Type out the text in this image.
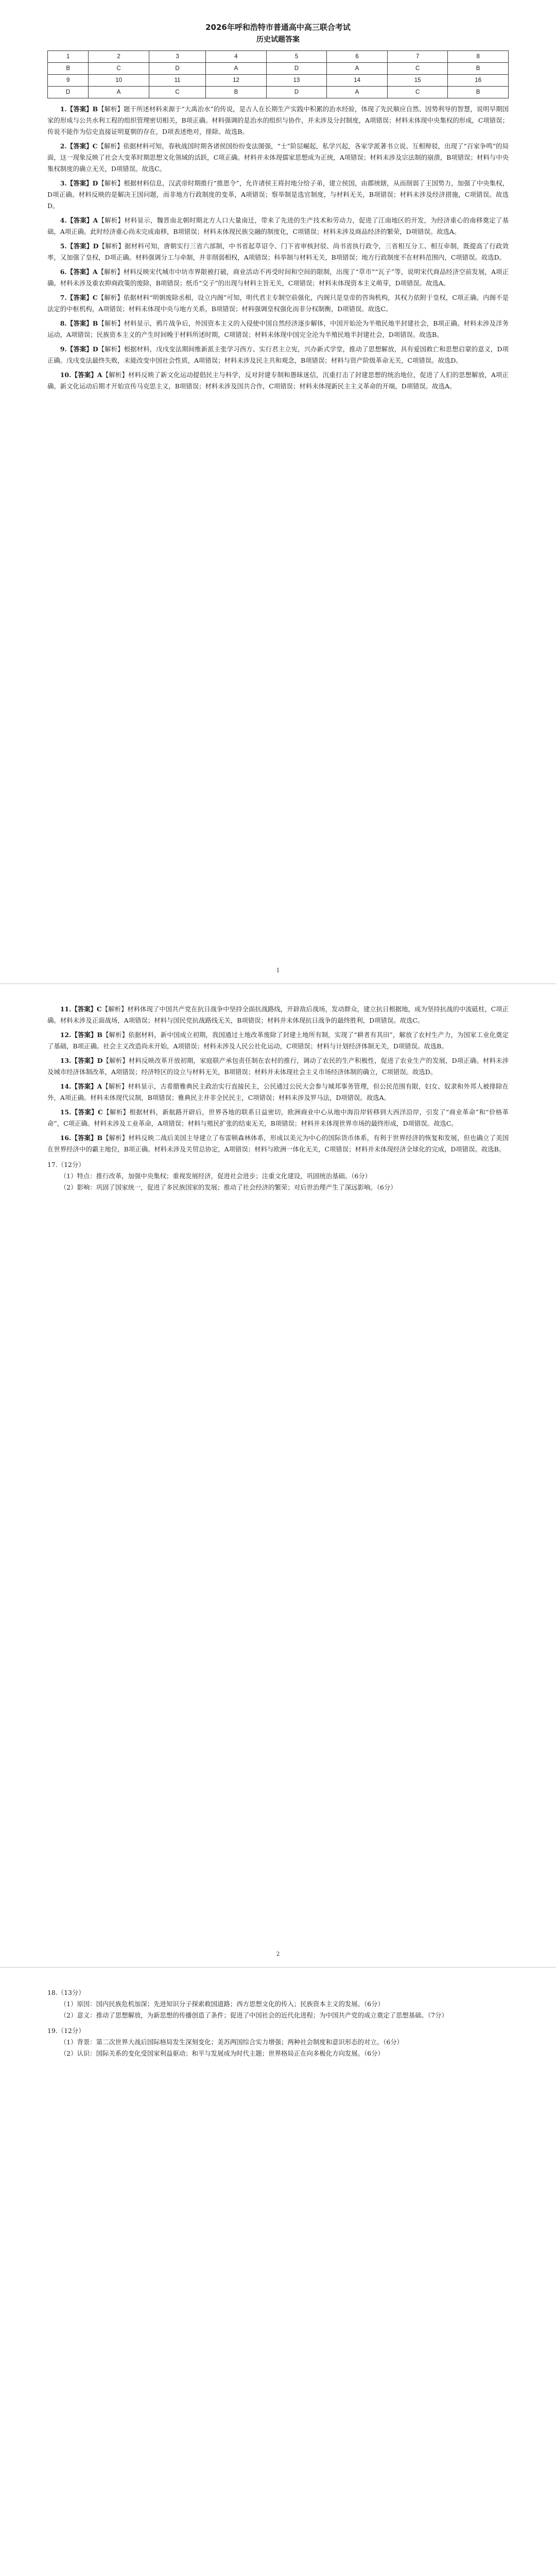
2026年呼和浩特市普通高中高三联合考试
历史试题答案
1	2	3	4	5	6	7	8
B	C	D	A	D	A	C	B
9	10	11	12	13	14	15	16
D	A	C	B	D	A	C	B

1.【答案】B【解析】题干所述材料来源于“大禹治水”的传说，是古人在长期生产实践中积累的治水经验，体现了先民顺应自然、因势利导的智慧，说明早期国家的形成与公共水利工程的组织管理密切相关，B项正确。材料强调的是治水的组织与协作，并未涉及分封制度，A项错误；材料未体现中央集权的形成，C项错误；传说不能作为信史直接证明夏朝的存在，D项表述绝对，排除。故选B。

2.【答案】C【解析】依据材料可知，春秋战国时期各诸侯国纷纷变法图强，“士”阶层崛起，私学兴起，各家学派著书立说、互相辩驳，出现了“百家争鸣”的局面，这一现象反映了社会大变革时期思想文化领域的活跃，C项正确。材料并未体现儒家思想成为正统，A项错误；材料未涉及宗法制的崩溃，B项错误；材料与中央集权制度的确立无关，D项错误。故选C。

3.【答案】D【解析】根据材料信息，汉武帝时期推行“推恩令”，允许诸侯王将封地分给子弟，建立侯国，由郡统辖，从而削弱了王国势力，加强了中央集权，D项正确。材料反映的是解决王国问题，而非地方行政制度的变革，A项错误；察举制是选官制度，与材料无关，B项错误；材料未涉及经济措施，C项错误。故选D。

4.【答案】A【解析】材料显示，魏晋南北朝时期北方人口大量南迁，带来了先进的生产技术和劳动力，促进了江南地区的开发，为经济重心的南移奠定了基础，A项正确。此时经济重心尚未完成南移，B项错误；材料未体现民族交融的制度化，C项错误；材料未涉及商品经济的繁荣，D项错误。故选A。

5.【答案】D【解析】据材料可知，唐朝实行三省六部制，中书省起草诏令、门下省审核封驳、尚书省执行政令，三省相互分工、相互牵制，既提高了行政效率，又加强了皇权，D项正确。材料强调分工与牵制，并非削弱相权，A项错误；科举制与材料无关，B项错误；地方行政制度不在材料范围内，C项错误。故选D。

6.【答案】A【解析】材料反映宋代城市中坊市界限被打破，商业活动不再受时间和空间的限制，出现了“草市”“瓦子”等，说明宋代商品经济空前发展，A项正确。材料未涉及重农抑商政策的废除，B项错误；纸币“交子”的出现与材料主旨无关，C项错误；材料未体现资本主义萌芽，D项错误。故选A。

7.【答案】C【解析】依据材料“明朝废除丞相，设立内阁”可知，明代君主专制空前强化，内阁只是皇帝的咨询机构，其权力依附于皇权，C项正确。内阁不是法定的中枢机构，A项错误；材料未体现中央与地方关系，B项错误；材料强调皇权强化而非分权制衡，D项错误。故选C。

8.【答案】B【解析】材料显示，鸦片战争后，外国资本主义的入侵使中国自然经济逐步解体，中国开始沦为半殖民地半封建社会，B项正确。材料未涉及洋务运动，A项错误；民族资本主义的产生时间晚于材料所述时期，C项错误；材料未体现中国完全沦为半殖民地半封建社会，D项错误。故选B。

9.【答案】D【解析】根据材料，戊戌变法期间维新派主张学习西方、实行君主立宪，兴办新式学堂，推动了思想解放，具有爱国救亡和思想启蒙的意义，D项正确。戊戌变法最终失败，未能改变中国社会性质，A项错误；材料未涉及民主共和观念，B项错误；材料与资产阶级革命无关，C项错误。故选D。

10.【答案】A【解析】材料反映了新文化运动提倡民主与科学，反对封建专制和愚昧迷信，沉重打击了封建思想的统治地位，促进了人们的思想解放，A项正确。新文化运动后期才开始宣传马克思主义，B项错误；材料未涉及国共合作，C项错误；材料未体现新民主主义革命的开端，D项错误。故选A。

1

11.【答案】C【解析】材料体现了中国共产党在抗日战争中坚持全面抗战路线，开辟敌后战场，发动群众，建立抗日根据地，成为坚持抗战的中流砥柱，C项正确。材料未涉及正面战场，A项错误；材料与国民党抗战路线无关，B项错误；材料并未体现抗日战争的最终胜利，D项错误。故选C。

12.【答案】B【解析】依据材料，新中国成立初期，我国通过土地改革废除了封建土地所有制，实现了“耕者有其田”，解放了农村生产力，为国家工业化奠定了基础，B项正确。社会主义改造尚未开始，A项错误；材料未涉及人民公社化运动，C项错误；材料与计划经济体制无关，D项错误。故选B。

13.【答案】D【解析】材料反映改革开放初期，家庭联产承包责任制在农村的推行，调动了农民的生产积极性，促进了农业生产的发展，D项正确。材料未涉及城市经济体制改革，A项错误；经济特区的设立与材料无关，B项错误；材料并未体现社会主义市场经济体制的确立，C项错误。故选D。

14.【答案】A【解析】材料显示，古希腊雅典民主政治实行直接民主，公民通过公民大会参与城邦事务管理，但公民范围有限，妇女、奴隶和外邦人被排除在外，A项正确。材料未体现代议制，B项错误；雅典民主并非全民民主，C项错误；材料未涉及罗马法，D项错误。故选A。

15.【答案】C【解析】根据材料，新航路开辟后，世界各地的联系日益密切，欧洲商业中心从地中海沿岸转移到大西洋沿岸，引发了“商业革命”和“价格革命”，C项正确。材料未涉及工业革命，A项错误；材料与殖民扩张的结束无关，B项错误；材料并未体现世界市场的最终形成，D项错误。故选C。

16.【答案】B【解析】材料反映二战后美国主导建立了布雷顿森林体系，形成以美元为中心的国际货币体系，有利于世界经济的恢复和发展，但也确立了美国在世界经济中的霸主地位，B项正确。材料未涉及关贸总协定，A项错误；材料与欧洲一体化无关，C项错误；材料并未体现经济全球化的完成，D项错误。故选B。

17.（12分）

（1）特点：推行改革，加强中央集权；重视发展经济，促进社会进步；注重文化建设，巩固统治基础。（6分）

（2）影响：巩固了国家统一，促进了多民族国家的发展；推动了社会经济的繁荣；对后世治理产生了深远影响。（6分）

2

18.（13分）

（1）原因：国内民族危机加深；先进知识分子探索救国道路；西方思想文化的传入；民族资本主义的发展。（6分）

（2）意义：推动了思想解放，为新思想的传播创造了条件；促进了中国社会的近代化进程；为中国共产党的成立奠定了思想基础。（7分）

19.（12分）

（1）背景：第二次世界大战后国际格局发生深刻变化；美苏两国综合实力增强；两种社会制度和意识形态的对立。（6分）

（2）认识：国际关系的变化受国家利益驱动；和平与发展成为时代主题；世界格局正在向多极化方向发展。（6分）
